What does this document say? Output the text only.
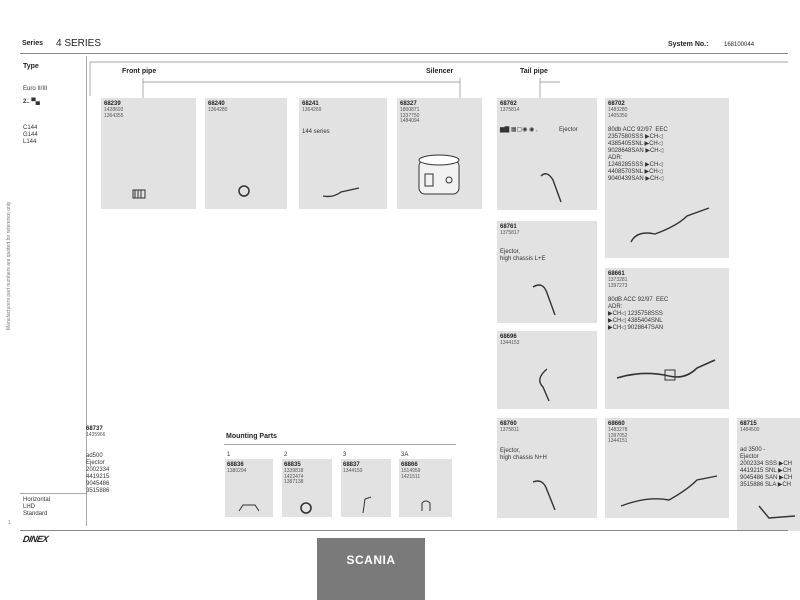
Series 4 SERIES	System No.:	168100044
Manufacturers part numbers are quoted for reference only
Type
Euro II/III
2.. ▀▄
C144
G144
L144
Horizontal
LHD
Standard
Front pipe	Silencer	Tail pipe
Mounting Parts
68239
1428692
1364355
68240
1364280
68241
1364269
144 series
68327
1800871
1337750
1484094
68762
1375814
▆▇ ▦▢◉ ◉ ,	Ejector
68761
1375817
Ejector,
high chassis L+E
68696
1344153
68760
1375811
Ejector,
high chassis N+H
68702
1483280
1405350
80db ACC 92/97  EEC
2357580SSS ▶CH◁
4385405SNL ▶CH◁
9028648SAN ▶CH◁
ADR:
1248285SSS ▶CH◁
4408570SNL ▶CH◁
9040439SAN ▶CH◁
68661
1373281
1397273
80dB ACC 92/97  EEC
ADR:
▶CH◁ 1235758SSS
▶CH◁ 4385404SNL
▶CH◁ 9028647SAN
68660
1483278
1397052
1344151
68715
1484500
ad 3500 -
Ejector
2002334 SSS ▶CH
4419215 SNL ▶CH
9045486 SAN ▶CH
3515886 SLA ▶CH
68737
1435966
ad500
Ejector
2002334
4419215
9045486
3515886
1
68836
1380294
2
68835
1339818
1422474
1387138
3
68837
1344150
3A
68866
1514959
1421511
DINEX
SCANIA
1
